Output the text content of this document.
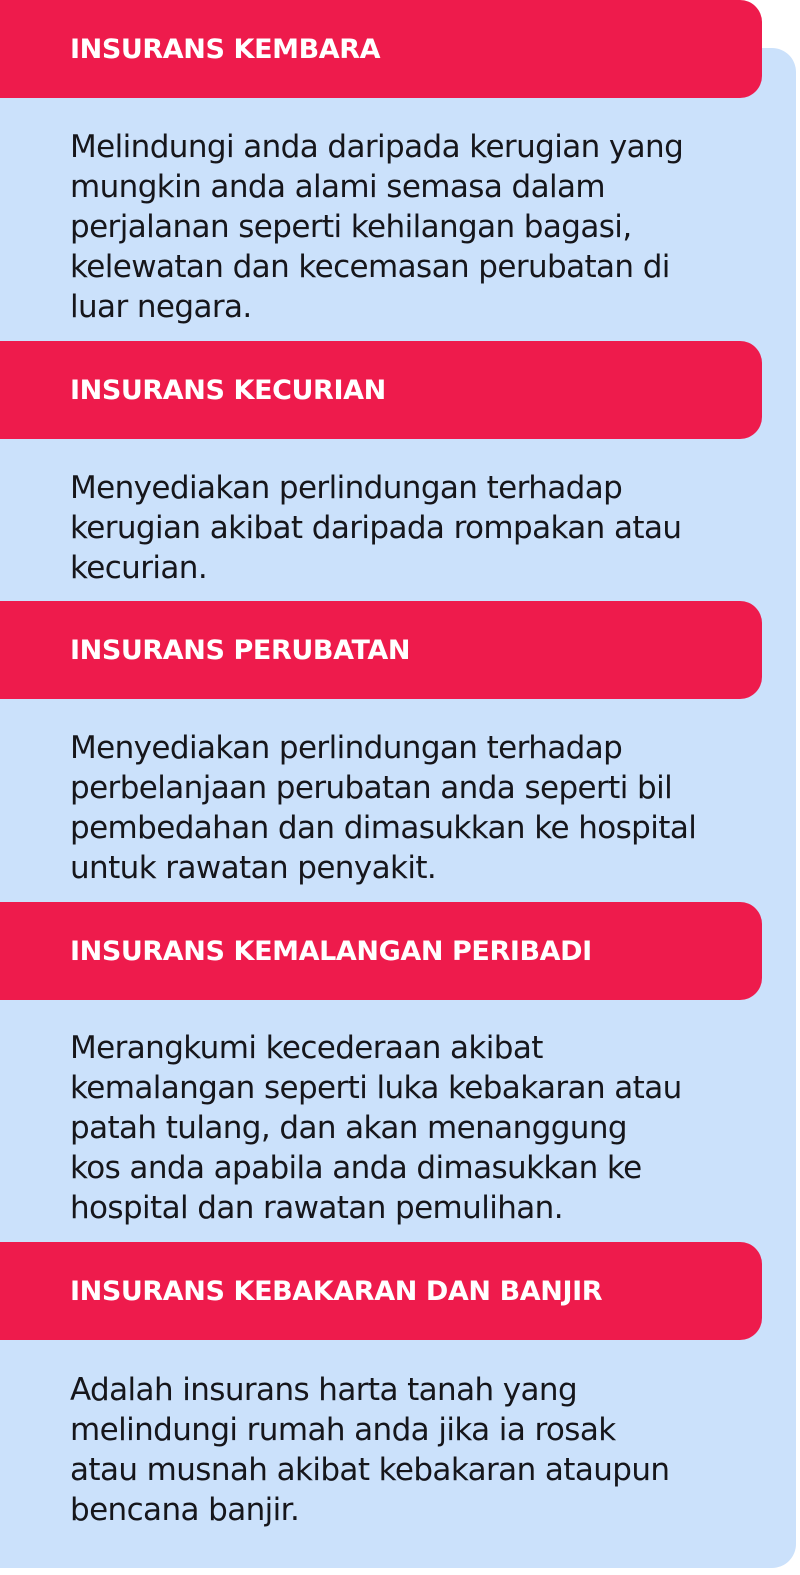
INSURANS KEMBARA

Melindungi anda daripada kerugian yang
mungkin anda alami semasa dalam
perjalanan seperti kehilangan bagasi,
kelewatan dan kecemasan perubatan di
luar negara.

INSURANS KECURIAN

Menyediakan perlindungan terhadap
kerugian akibat daripada rompakan atau
kecurian.

INSURANS PERUBATAN

Menyediakan perlindungan terhadap
perbelanjaan perubatan anda seperti bil
pembedahan dan dimasukkan ke hospital
untuk rawatan penyakit.

INSURANS KEMALANGAN PERIBADI

Merangkumi kecederaan akibat
kemalangan seperti luka kebakaran atau
patah tulang, dan akan menanggung
kos anda apabila anda dimasukkan ke
hospital dan rawatan pemulihan.

INSURANS KEBAKARAN DAN BANJIR

Adalah insurans harta tanah yang
melindungi rumah anda jika ia rosak
atau musnah akibat kebakaran ataupun
bencana banjir.
